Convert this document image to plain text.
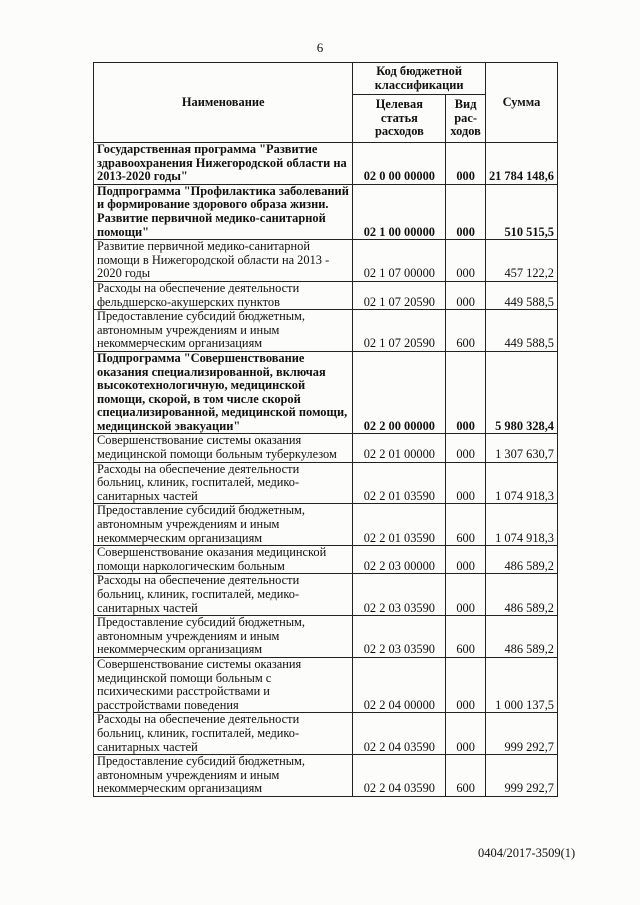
6
Наименование	Код бюджетной классификации		Сумма
	Целевая статья расходов	Вид рас-ходов	
Государственная программа "Развитие здравоохранения Нижегородской области на 2013-2020 годы"	02 0 00 00000	000	21 784 148,6
Подпрограмма "Профилактика заболеваний и формирование здорового образа жизни. Развитие первичной медико-санитарной помощи"	02 1 00 00000	000	510 515,5
Развитие первичной медико-санитарной помощи в Нижегородской области на 2013 - 2020 годы	02 1 07 00000	000	457 122,2
Расходы на обеспечение деятельности фельдшерско-акушерских пунктов	02 1 07 20590	000	449 588,5
Предоставление субсидий бюджетным, автономным учреждениям и иным некоммерческим организациям	02 1 07 20590	600	449 588,5
Подпрограмма "Совершенствование оказания специализированной, включая высокотехнологичную, медицинской помощи, скорой, в том числе скорой специализированной, медицинской помощи, медицинской эвакуации"	02 2 00 00000	000	5 980 328,4
Совершенствование системы оказания медицинской помощи больным туберкулезом	02 2 01 00000	000	1 307 630,7
Расходы на обеспечение деятельности больниц, клиник, госпиталей, медико-санитарных частей	02 2 01 03590	000	1 074 918,3
Предоставление субсидий бюджетным, автономным учреждениям и иным некоммерческим организациям	02 2 01 03590	600	1 074 918,3
Совершенствование оказания медицинской помощи наркологическим больным	02 2 03 00000	000	486 589,2
Расходы на обеспечение деятельности больниц, клиник, госпиталей, медико-санитарных частей	02 2 03 03590	000	486 589,2
Предоставление субсидий бюджетным, автономным учреждениям и иным некоммерческим организациям	02 2 03 03590	600	486 589,2
Совершенствование системы оказания медицинской помощи больным с психическими расстройствами и расстройствами поведения	02 2 04 00000	000	1 000 137,5
Расходы на обеспечение деятельности больниц, клиник, госпиталей, медико-санитарных частей	02 2 04 03590	000	999 292,7
Предоставление субсидий бюджетным, автономным учреждениям и иным некоммерческим организациям	02 2 04 03590	600	999 292,7
0404/2017-3509(1)
